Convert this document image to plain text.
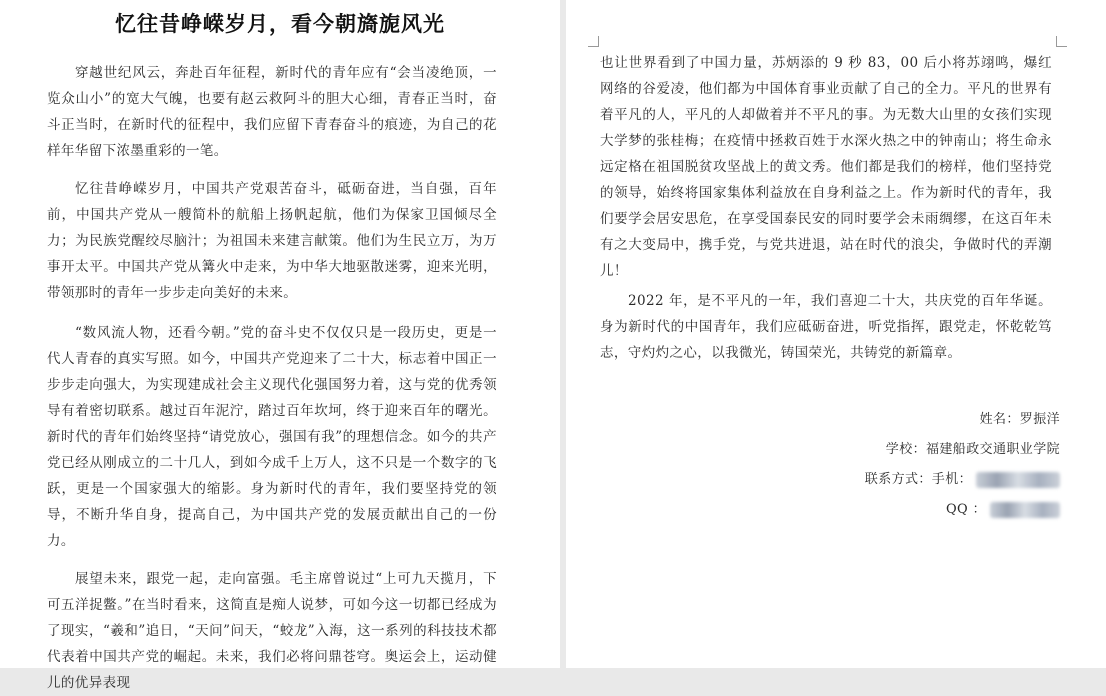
忆往昔峥嵘岁月，看今朝旖旎风光

穿越世纪风云，奔赴百年征程，新时代的青年应有“会当凌绝顶，一览众山小”的宽大气魄，也要有赵云救阿斗的胆大心细，青春正当时，奋斗正当时，在新时代的征程中，我们应留下青春奋斗的痕迹，为自己的花样年华留下浓墨重彩的一笔。

忆往昔峥嵘岁月，中国共产党艰苦奋斗，砥砺奋进，当自强，百年前，中国共产党从一艘简朴的航船上扬帆起航，他们为保家卫国倾尽全力；为民族党醒绞尽脑汁；为祖国未来建言献策。他们为生民立万，为万事开太平。中国共产党从篝火中走来，为中华大地驱散迷雾，迎来光明，带领那时的青年一步步走向美好的未来。

“数风流人物，还看今朝。”党的奋斗史不仅仅只是一段历史，更是一代人青春的真实写照。如今，中国共产党迎来了二十大，标志着中国正一步步走向强大，为实现建成社会主义现代化强国努力着，这与党的优秀领导有着密切联系。越过百年泥泞，踏过百年坎坷，终于迎来百年的曙光。新时代的青年们始终坚持“请党放心，强国有我”的理想信念。如今的共产党已经从刚成立的二十几人，到如今成千上万人，这不只是一个数字的飞跃，更是一个国家强大的缩影。身为新时代的青年，我们要坚持党的领导，不断升华自身，提高自己，为中国共产党的发展贡献出自己的一份力。

展望未来，跟党一起，走向富强。毛主席曾说过“上可九天揽月，下可五洋捉鳖。”在当时看来，这简直是痴人说梦，可如今这一切都已经成为了现实，“羲和”追日，“天问”问天，“蛟龙”入海，这一系列的科技技术都代表着中国共产党的崛起。未来，我们必将问鼎苍穹。奥运会上，运动健儿的优异表现

也让世界看到了中国力量，苏炳添的 9 秒 83，00 后小将苏翊鸣，爆红网络的谷爱凌，他们都为中国体育事业贡献了自己的全力。平凡的世界有着平凡的人，平凡的人却做着并不平凡的事。为无数大山里的女孩们实现大学梦的张桂梅；在疫情中拯救百姓于水深火热之中的钟南山；将生命永远定格在祖国脱贫攻坚战上的黄文秀。他们都是我们的榜样，他们坚持党的领导，始终将国家集体利益放在自身利益之上。作为新时代的青年，我们要学会居安思危，在享受国泰民安的同时要学会未雨绸缪，在这百年未有之大变局中，携手党，与党共进退，站在时代的浪尖，争做时代的弄潮儿！

2022 年，是不平凡的一年，我们喜迎二十大，共庆党的百年华诞。身为新时代的中国青年，我们应砥砺奋进，听党指挥，跟党走，怀乾乾笃志，守灼灼之心，以我微光，铸国荣光，共铸党的新篇章。

姓名：罗振洋
学校：福建船政交通职业学院
联系方式：手机：
QQ ：
